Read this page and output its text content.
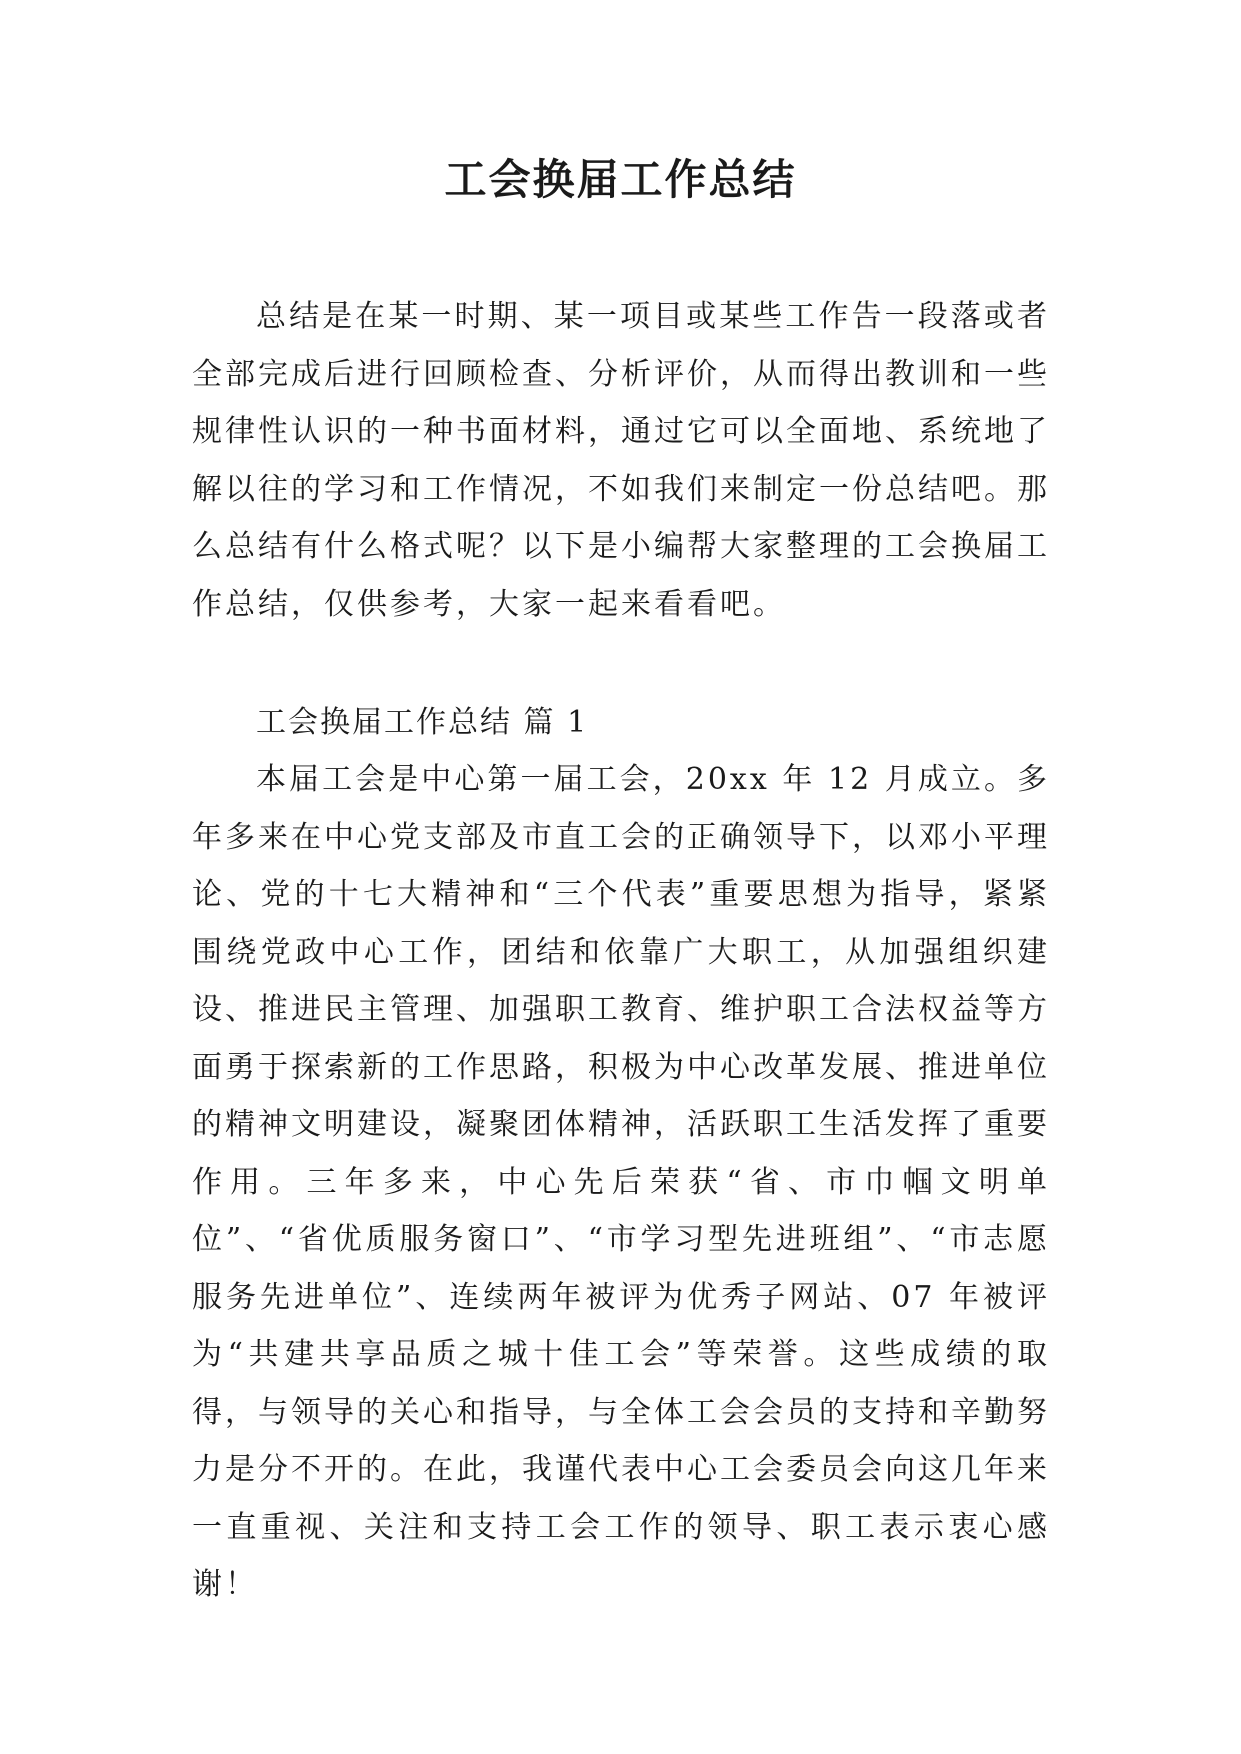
工会换届工作总结

总结是在某一时期、某一项目或某些工作告一段落或者全部完成后进行回顾检查、分析评价，从而得出教训和一些规律性认识的一种书面材料，通过它可以全面地、系统地了解以往的学习和工作情况，不如我们来制定一份总结吧。那么总结有什么格式呢？以下是小编帮大家整理的工会换届工作总结，仅供参考，大家一起来看看吧。

工会换届工作总结 篇 1

本届工会是中心第一届工会，20xx 年 12 月成立。多年多来在中心党支部及市直工会的正确领导下，以邓小平理论、党的十七大精神和“三个代表”重要思想为指导，紧紧围绕党政中心工作，团结和依靠广大职工，从加强组织建设、推进民主管理、加强职工教育、维护职工合法权益等方面勇于探索新的工作思路，积极为中心改革发展、推进单位的精神文明建设，凝聚团体精神，活跃职工生活发挥了重要作用。三年多来，中心先后荣获“省、市巾帼文明单位”、“省优质服务窗口”、“市学习型先进班组”、“市志愿服务先进单位”、连续两年被评为优秀子网站、07 年被评为“共建共享品质之城十佳工会”等荣誉。这些成绩的取得，与领导的关心和指导，与全体工会会员的支持和辛勤努力是分不开的。在此，我谨代表中心工会委员会向这几年来一直重视、关注和支持工会工作的领导、职工表示衷心感谢！
